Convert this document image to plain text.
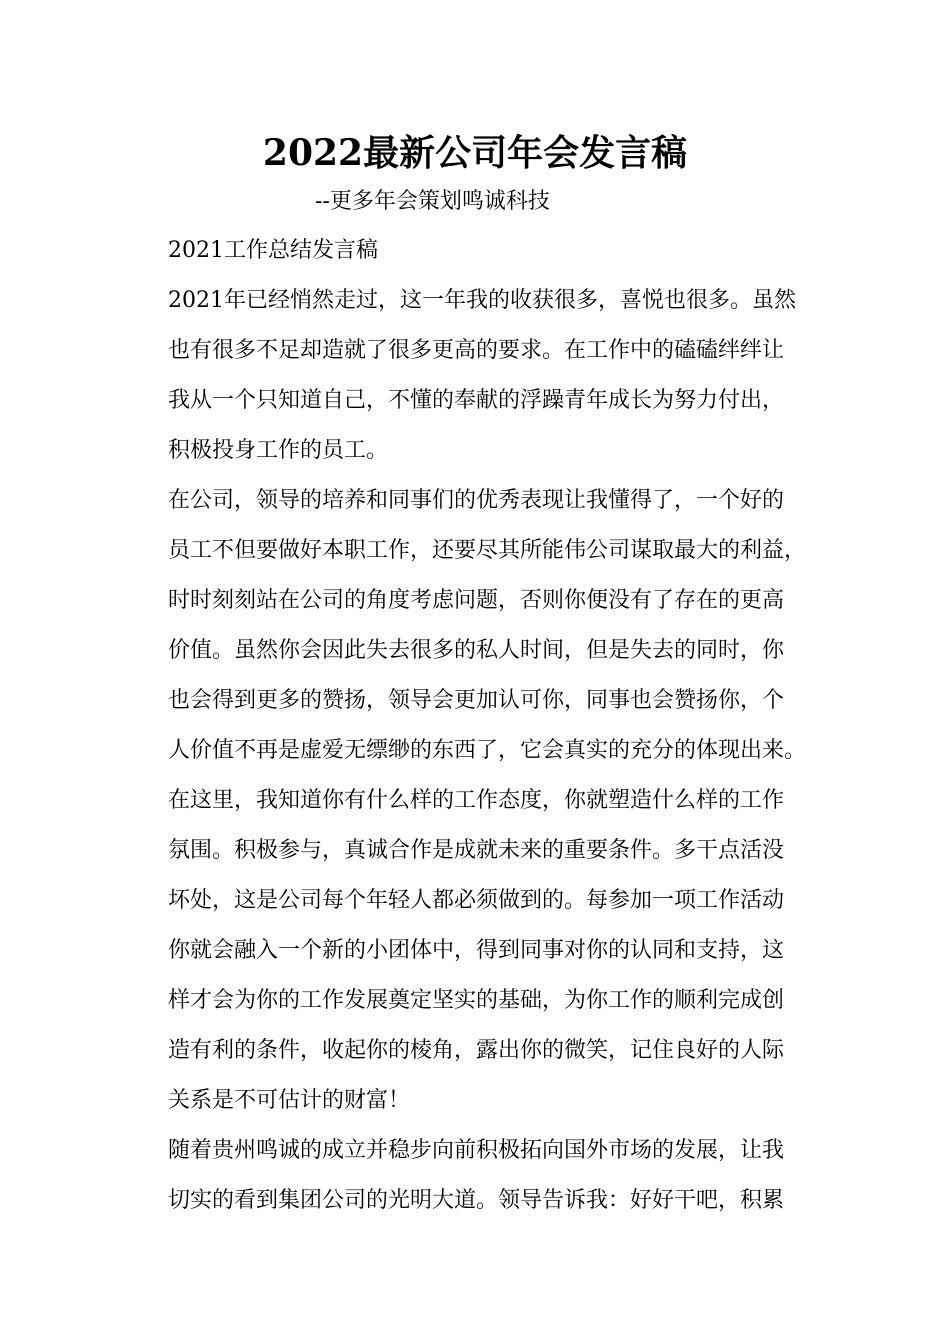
2022最新公司年会发言稿
--更多年会策划鸣诚科技
2021工作总结发言稿
2021年已经悄然走过，这一年我的收获很多，喜悦也很多。虽然
也有很多不足却造就了很多更高的要求。在工作中的磕磕绊绊让
我从一个只知道自己，不懂的奉献的浮躁青年成长为努力付出，
积极投身工作的员工。
在公司，领导的培养和同事们的优秀表现让我懂得了，一个好的
员工不但要做好本职工作，还要尽其所能伟公司谋取最大的利益，
时时刻刻站在公司的角度考虑问题，否则你便没有了存在的更高
价值。虽然你会因此失去很多的私人时间，但是失去的同时，你
也会得到更多的赞扬，领导会更加认可你，同事也会赞扬你，个
人价值不再是虚爱无缥缈的东西了，它会真实的充分的体现出来。
在这里，我知道你有什么样的工作态度，你就塑造什么样的工作
氛围。积极参与，真诚合作是成就未来的重要条件。多干点活没
坏处，这是公司每个年轻人都必须做到的。每参加一项工作活动
你就会融入一个新的小团体中，得到同事对你的认同和支持，这
样才会为你的工作发展奠定坚实的基础，为你工作的顺利完成创
造有利的条件，收起你的棱角，露出你的微笑，记住良好的人际
关系是不可估计的财富！
随着贵州鸣诚的成立并稳步向前积极拓向国外市场的发展，让我
切实的看到集团公司的光明大道。领导告诉我：好好干吧，积累
